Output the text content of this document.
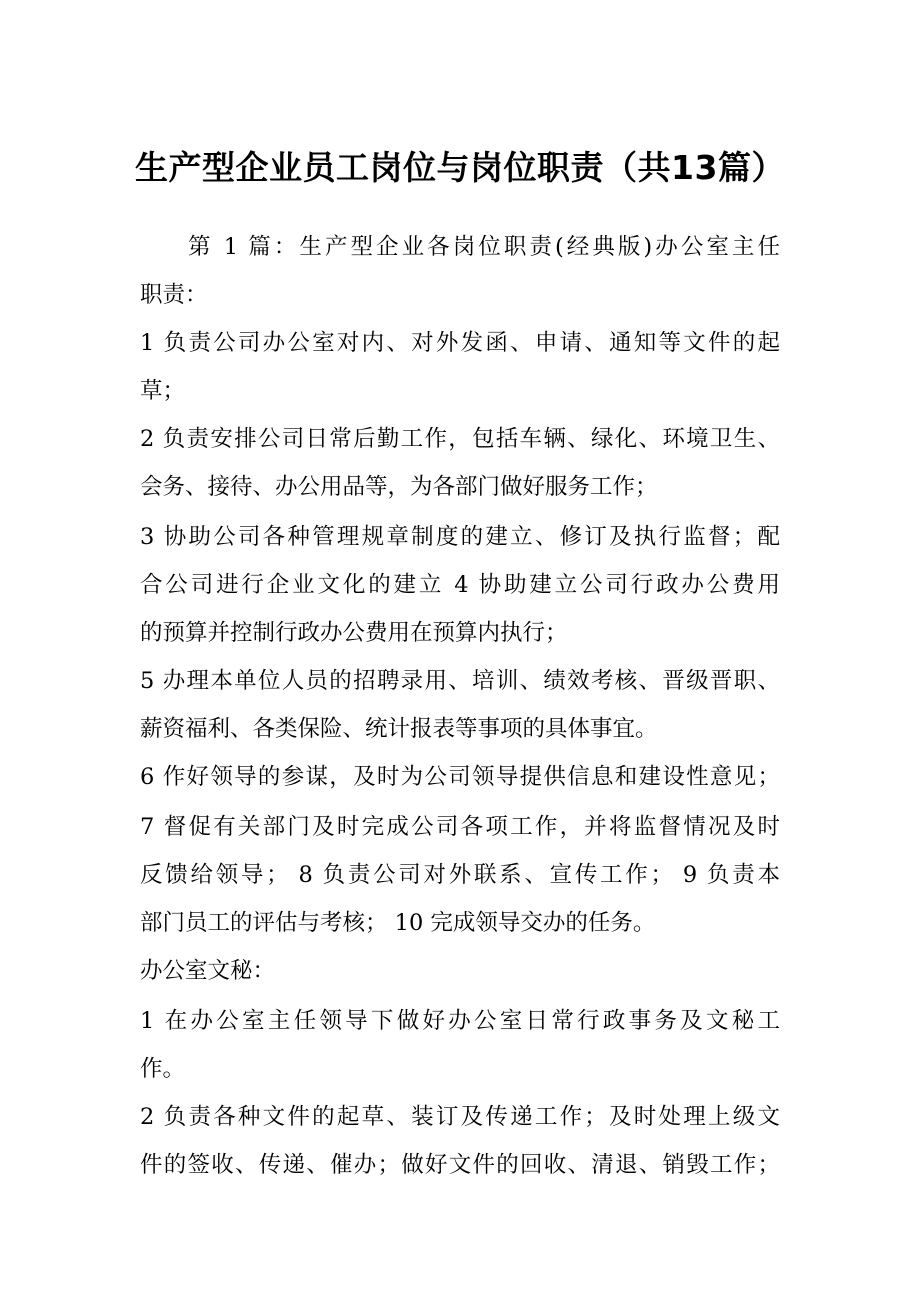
生产型企业员工岗位与岗位职责（共13篇）
第 1 篇：生产型企业各岗位职责(经典版)办公室主任
职责：
1 负责公司办公室对内、对外发函、申请、通知等文件的起
草；
2 负责安排公司日常后勤工作，包括车辆、绿化、环境卫生、
会务、接待、办公用品等，为各部门做好服务工作；
3 协助公司各种管理规章制度的建立、修订及执行监督；配
合公司进行企业文化的建立 4 协助建立公司行政办公费用
的预算并控制行政办公费用在预算内执行；
5 办理本单位人员的招聘录用、培训、绩效考核、晋级晋职、
薪资福利、各类保险、统计报表等事项的具体事宜。
6 作好领导的参谋，及时为公司领导提供信息和建设性意见；
7 督促有关部门及时完成公司各项工作，并将监督情况及时
反馈给领导； 8 负责公司对外联系、宣传工作； 9 负责本
部门员工的评估与考核； 10 完成领导交办的任务。
办公室文秘：
1 在办公室主任领导下做好办公室日常行政事务及文秘工
作。
2 负责各种文件的起草、装订及传递工作；及时处理上级文
件的签收、传递、催办；做好文件的回收、清退、销毁工作；
